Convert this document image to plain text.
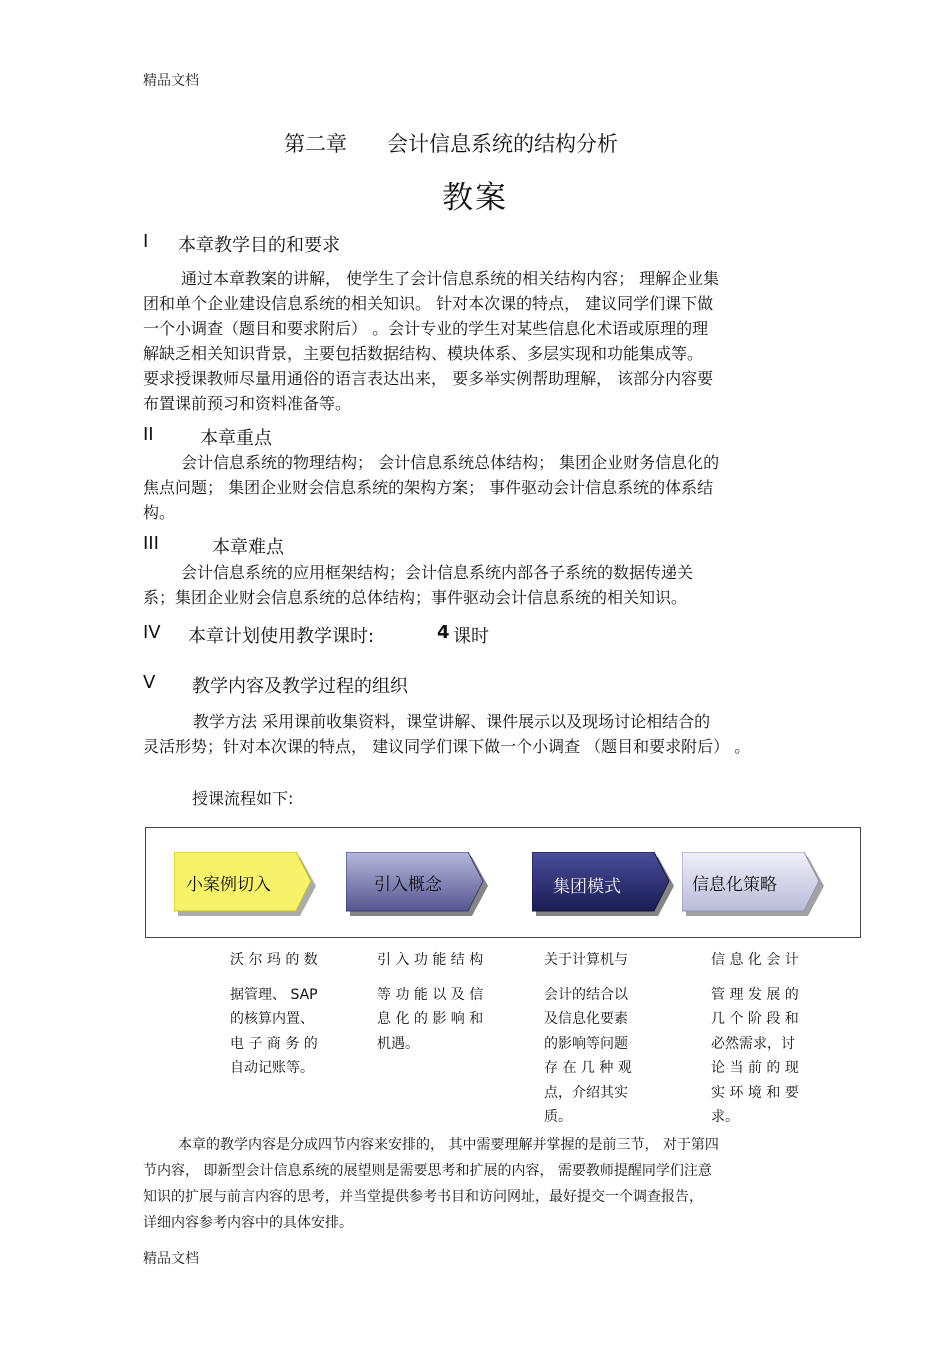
精品文档
第二章 会计信息系统的结构分析
教案
I 本章教学目的和要求
通过本章教案的讲解， 使学生了会计信息系统的相关结构内容； 理解企业集
团和单个企业建设信息系统的相关知识。 针对本次课的特点， 建议同学们课下做
一个小调查（题目和要求附后） 。会计专业的学生对某些信息化术语或原理的理
解缺乏相关知识背景，主要包括数据结构、模块体系、多层实现和功能集成等。
要求授课教师尽量用通俗的语言表达出来， 要多举实例帮助理解， 该部分内容要
布置课前预习和资料准备等。
II	本章重点
会计信息系统的物理结构； 会计信息系统总体结构； 集团企业财务信息化的
焦点问题； 集团企业财会信息系统的架构方案； 事件驱动会计信息系统的体系结
构。
III	本章难点
会计信息系统的应用框架结构；会计信息系统内部各子系统的数据传递关
系；集团企业财会信息系统的总体结构；事件驱动会计信息系统的相关知识。
IV 本章计划使用教学课时:	4 课时
V 教学内容及教学过程的组织
教学方法 采用课前收集资料，课堂讲解、课件展示以及现场讨论相结合的
灵活形势；针对本次课的特点， 建议同学们课下做一个小调查 （题目和要求附后） 。
授课流程如下:
小案例切入	引入概念	集团模式	信息化策略
沃 尔 玛 的 数
据管理、 SAP
的核算内置、
电 子 商 务 的
自动记账等。
引 入 功 能 结 构
等 功 能 以 及 信
息 化 的 影 响 和
机遇。
关于计算机与
会计的结合以
及信息化要素
的影响等问题
存 在 几 种 观
点，介绍其实
质。
信 息 化 会 计
管 理 发 展 的
几 个 阶 段 和
必然需求，讨
论 当 前 的 现
实 环 境 和 要
求。
本章的教学内容是分成四节内容来安排的， 其中需要理解并掌握的是前三节， 对于第四
节内容， 即新型会计信息系统的展望则是需要思考和扩展的内容， 需要教师提醒同学们注意
知识的扩展与前言内容的思考，并当堂提供参考书目和访问网址，最好提交一个调查报告，
详细内容参考内容中的具体安排。
精品文档
